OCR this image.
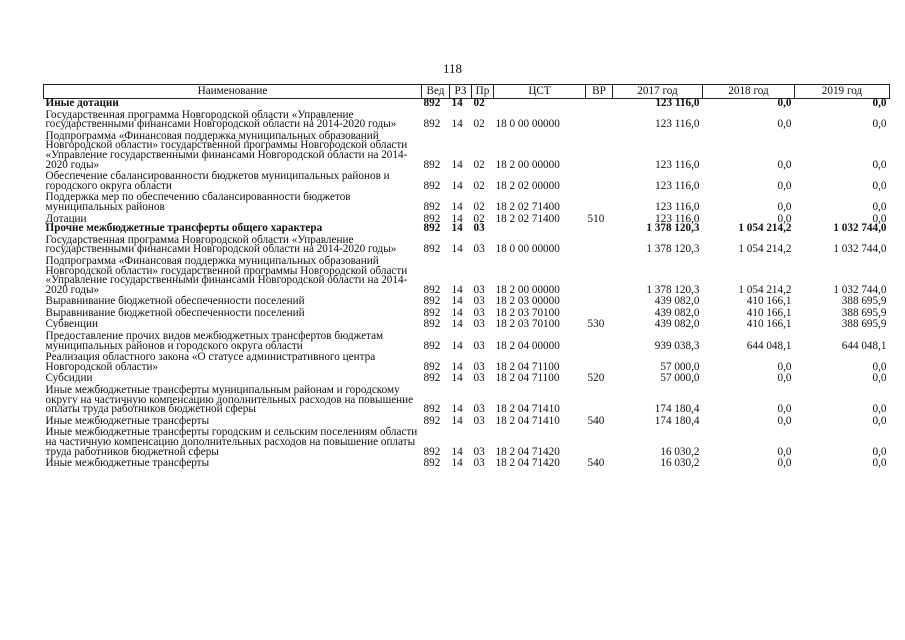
118
Наименование	Вед	РЗ	Пр	ЦСТ	ВР	2017 год	2018 год	2019 год
Иные дотации	892	14	02			123 116,0	0,0	0,0
Государственная программа Новгородской области «Управление государственными финансами Новгородской области на 2014-2020 годы»	892	14	02	18 0 00 00000		123 116,0	0,0	0,0
Подпрограмма «Финансовая поддержка муниципальных образований Новгородской области» государственной программы Новгородской области «Управление государственными финансами Новгородской области на 2014-2020 годы»	892	14	02	18 2 00 00000		123 116,0	0,0	0,0
Обеспечение сбалансированности бюджетов муниципальных районов и городского округа области	892	14	02	18 2 02 00000		123 116,0	0,0	0,0
Поддержка мер по обеспечению сбалансированности бюджетов муниципальных районов	892	14	02	18 2 02 71400		123 116,0	0,0	0,0
Дотации	892	14	02	18 2 02 71400	510	123 116,0	0,0	0,0
Прочие межбюджетные трансферты общего характера	892	14	03			1 378 120,3	1 054 214,2	1 032 744,0
Государственная программа Новгородской области «Управление государственными финансами Новгородской области на 2014-2020 годы»	892	14	03	18 0 00 00000		1 378 120,3	1 054 214,2	1 032 744,0
Подпрограмма «Финансовая поддержка муниципальных образований Новгородской области» государственной программы Новгородской области «Управление государственными финансами Новгородской области на 2014-2020 годы»	892	14	03	18 2 00 00000		1 378 120,3	1 054 214,2	1 032 744,0
Выравнивание бюджетной обеспеченности поселений	892	14	03	18 2 03 00000		439 082,0	410 166,1	388 695,9
Выравнивание бюджетной обеспеченности поселений	892	14	03	18 2 03 70100		439 082,0	410 166,1	388 695,9
Субвенции	892	14	03	18 2 03 70100	530	439 082,0	410 166,1	388 695,9
Предоставление прочих видов межбюджетных трансфертов бюджетам муниципальных районов и городского округа области	892	14	03	18 2 04 00000		939 038,3	644 048,1	644 048,1
Реализация областного закона «О статусе административного центра Новгородской области»	892	14	03	18 2 04 71100		57 000,0	0,0	0,0
Субсидии	892	14	03	18 2 04 71100	520	57 000,0	0,0	0,0
Иные межбюджетные трансферты муниципальным районам и городскому округу на частичную компенсацию дополнительных расходов на повышение оплаты труда работников бюджетной сферы	892	14	03	18 2 04 71410		174 180,4	0,0	0,0
Иные межбюджетные трансферты	892	14	03	18 2 04 71410	540	174 180,4	0,0	0,0
Иные межбюджетные трансферты городским и сельским поселениям области на частичную компенсацию дополнительных расходов на повышение оплаты труда работников бюджетной сферы	892	14	03	18 2 04 71420		16 030,2	0,0	0,0
Иные межбюджетные трансферты	892	14	03	18 2 04 71420	540	16 030,2	0,0	0,0
